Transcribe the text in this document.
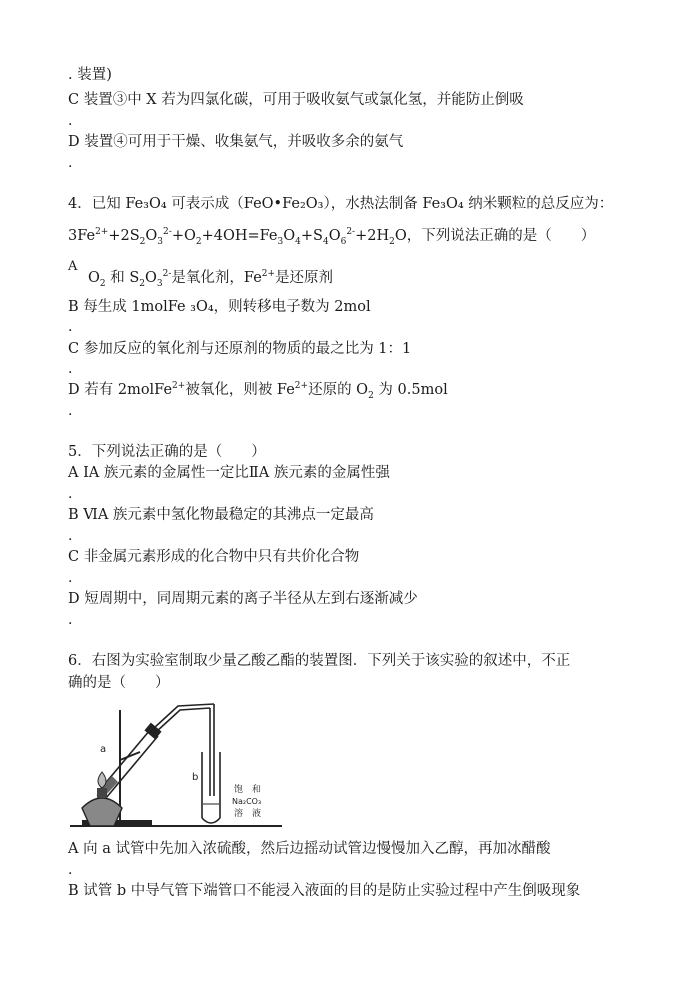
. 装置)
C 装置③中 X 若为四氯化碳，可用于吸收氨气或氯化氢，并能防止倒吸
.
D 装置④可用于干燥、收集氨气，并吸收多余的氨气
.
4．已知 Fe₃O₄ 可表示成（FeO•Fe₂O₃），水热法制备 Fe₃O₄ 纳米颗粒的总反应为：
$3Fe^{2+}+2S_2O_3^{2-}+O_2+4OH=Fe_3O_4+S_4O_6^{2-}+2H_2O$，下列说法正确的是（　　）
A
$O_2$ 和 $S_2O_3^{2-}$是氧化剂，$Fe^{2+}$是还原剂
B 每生成 1molFe ₃O₄，则转移电子数为 2mol
.
C 参加反应的氧化剂与还原剂的物质的最之比为 1：1
.
D 若有 2molFe$^{2+}$被氧化，则被 $Fe^{2+}$还原的 $O_2$ 为 0.5mol
.
5．下列说法正确的是（　　）
A ⅠA 族元素的金属性一定比ⅡA 族元素的金属性强
.
B ⅥA 族元素中氢化物最稳定的其沸点一定最高
.
C 非金属元素形成的化合物中只有共价化合物
.
D 短周期中，同周期元素的离子半径从左到右逐渐减少
.
6．右图为实验室制取少量乙酸乙酯的装置图．下列关于该实验的叙述中，不正
确的是（　　）
a
b
饱　和
Na₂CO₃
溶　液
A 向 a 试管中先加入浓硫酸，然后边摇动试管边慢慢加入乙醇，再加冰醋酸
.
B 试管 b 中导气管下端管口不能浸入液面的目的是防止实验过程中产生倒吸现象
